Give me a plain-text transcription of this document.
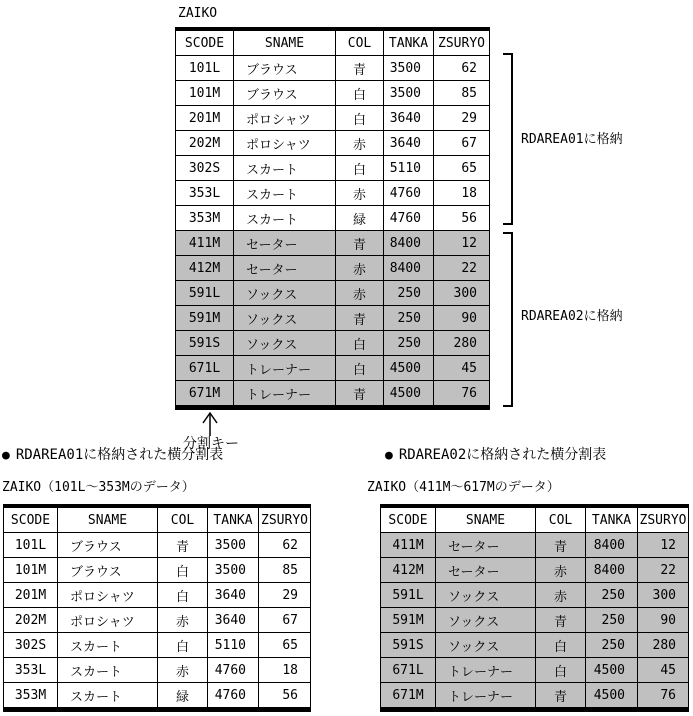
ZAIKO
SCODE	SNAME	COL	TANKA	ZSURYO
101L	ブラウス	青	3500	62
101M	ブラウス	白	3500	85
201M	ポロシャツ	白	3640	29
202M	ポロシャツ	赤	3640	67
302S	スカート	白	5110	65
353L	スカート	赤	4760	18
353M	スカート	緑	4760	56
411M	セーター	青	8400	12
412M	セーター	赤	8400	22
591L	ソックス	赤	250	300
591M	ソックス	青	250	90
591S	ソックス	白	250	280
671L	トレーナー	白	4500	45
671M	トレーナー	青	4500	76
RDAREA01に格納
RDAREA02に格納
分割キー
● RDAREA01に格納された横分割表
ZAIKO（101L～353Mのデータ）
SCODE	SNAME	COL	TANKA	ZSURYO
101L	ブラウス	青	3500	62
101M	ブラウス	白	3500	85
201M	ポロシャツ	白	3640	29
202M	ポロシャツ	赤	3640	67
302S	スカート	白	5110	65
353L	スカート	赤	4760	18
353M	スカート	緑	4760	56
● RDAREA02に格納された横分割表
ZAIKO（411M～617Mのデータ）
SCODE	SNAME	COL	TANKA	ZSURYO
411M	セーター	青	8400	12
412M	セーター	赤	8400	22
591L	ソックス	赤	250	300
591M	ソックス	青	250	90
591S	ソックス	白	250	280
671L	トレーナー	白	4500	45
671M	トレーナー	青	4500	76
